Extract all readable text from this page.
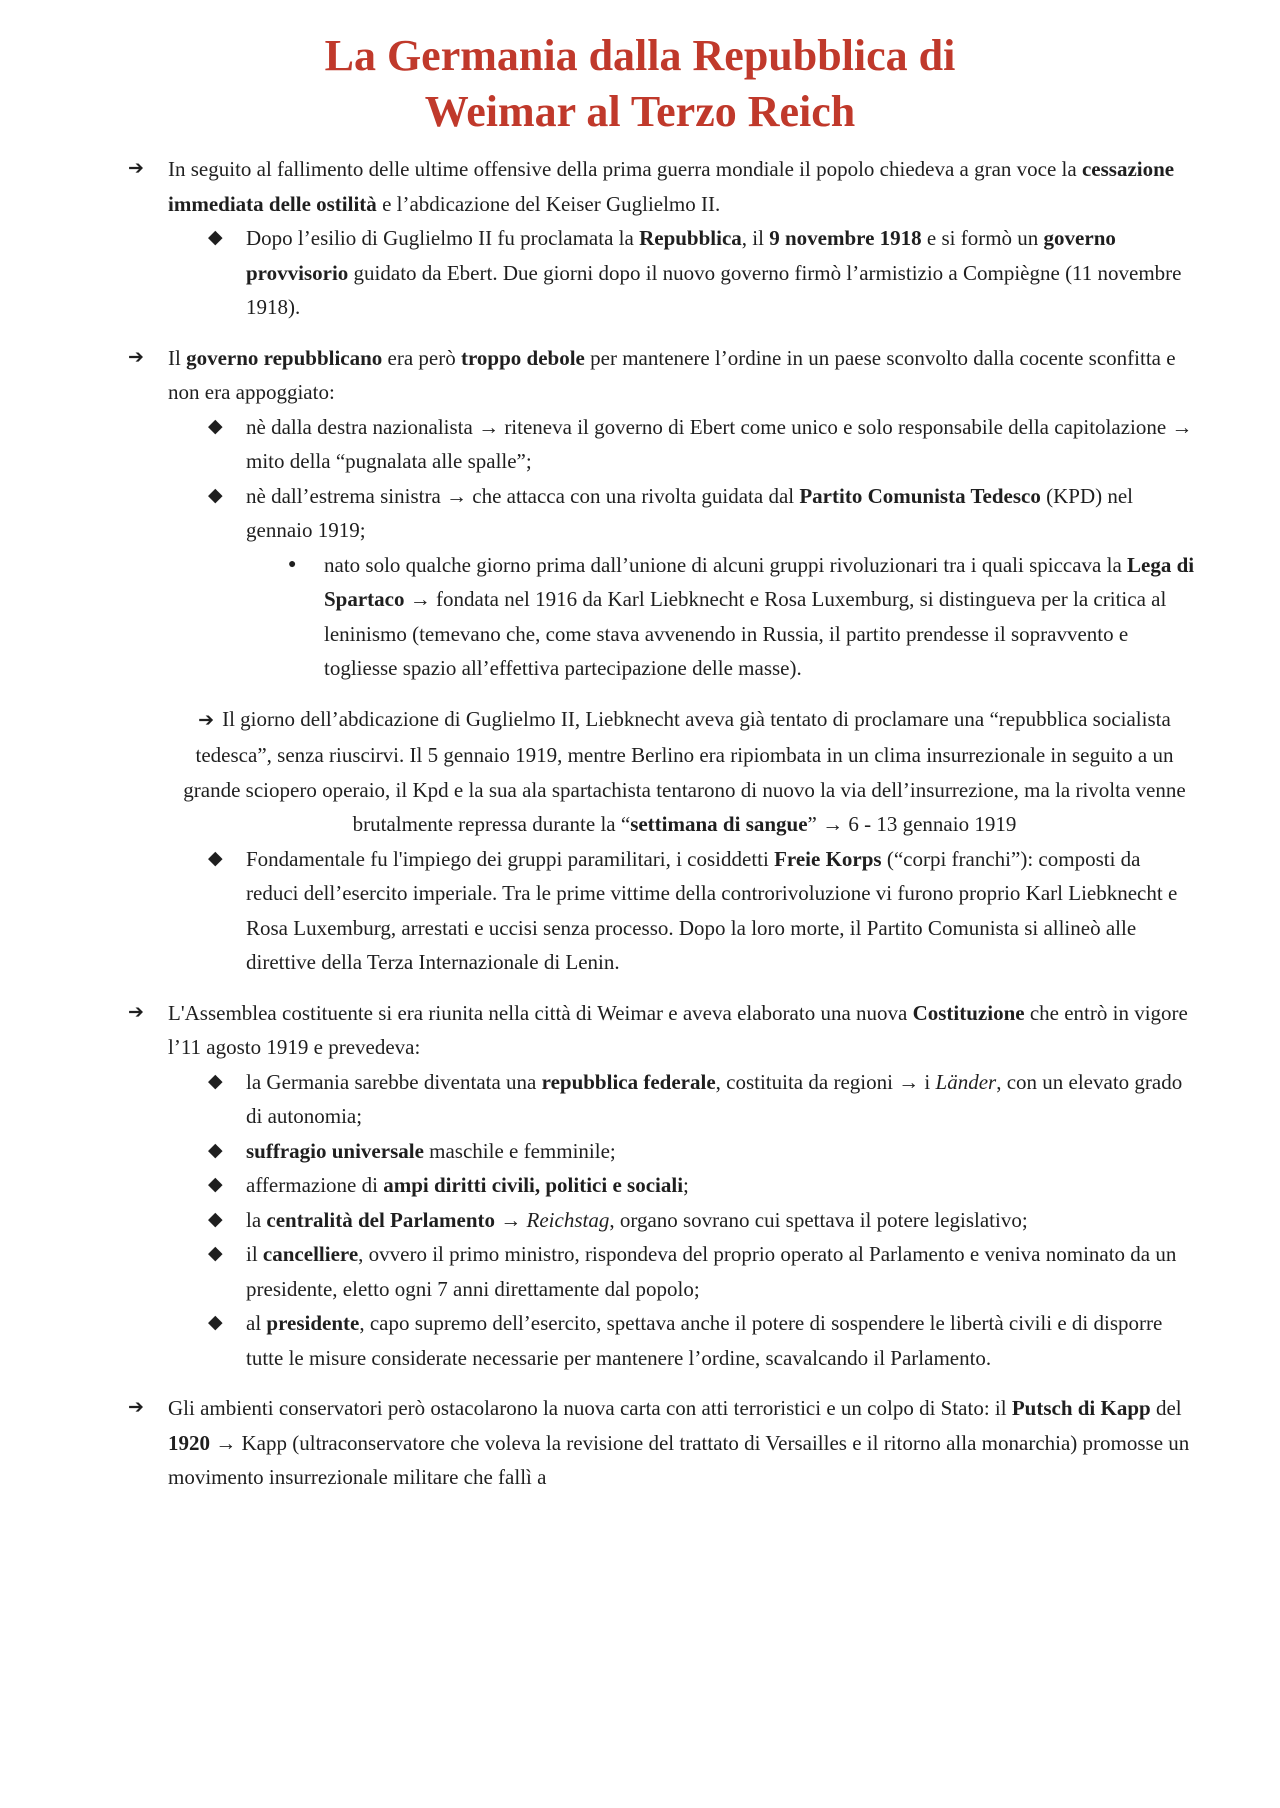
La Germania dalla Repubblica di
Weimar al Terzo Reich
➔ In seguito al fallimento delle ultime offensive della prima guerra mondiale il popolo chiedeva a gran voce la cessazione immediata delle ostilità e l’abdicazione del Keiser Guglielmo II.
◆ Dopo l’esilio di Guglielmo II fu proclamata la Repubblica, il 9 novembre 1918 e si formò un governo provvisorio guidato da Ebert. Due giorni dopo il nuovo governo firmò l’armistizio a Compiègne (11 novembre 1918).
➔ Il governo repubblicano era però troppo debole per mantenere l’ordine in un paese sconvolto dalla cocente sconfitta e non era appoggiato:
◆ nè dalla destra nazionalista → riteneva il governo di Ebert come unico e solo responsabile della capitolazione → mito della “pugnalata alle spalle”;
◆ nè dall’estrema sinistra → che attacca con una rivolta guidata dal Partito Comunista Tedesco (KPD) nel gennaio 1919;
● nato solo qualche giorno prima dall’unione di alcuni gruppi rivoluzionari tra i quali spiccava la Lega di Spartaco → fondata nel 1916 da Karl Liebknecht e Rosa Luxemburg, si distingueva per la critica al leninismo (temevano che, come stava avvenendo in Russia, il partito prendesse il sopravvento e togliesse spazio all’effettiva partecipazione delle masse).
➔ Il giorno dell’abdicazione di Guglielmo II, Liebknecht aveva già tentato di proclamare una “repubblica socialista tedesca”, senza riuscirvi. Il 5 gennaio 1919, mentre Berlino era ripiombata in un clima insurrezionale in seguito a un grande sciopero operaio, il Kpd e la sua ala spartachista tentarono di nuovo la via dell’insurrezione, ma la rivolta venne brutalmente repressa durante la “settimana di sangue” → 6 - 13 gennaio 1919
◆ Fondamentale fu l'impiego dei gruppi paramilitari, i cosiddetti Freie Korps (“corpi franchi”): composti da reduci dell’esercito imperiale. Tra le prime vittime della controrivoluzione vi furono proprio Karl Liebknecht e Rosa Luxemburg, arrestati e uccisi senza processo. Dopo la loro morte, il Partito Comunista si allineò alle direttive della Terza Internazionale di Lenin.
➔ L'Assemblea costituente si era riunita nella città di Weimar e aveva elaborato una nuova Costituzione che entrò in vigore l’11 agosto 1919 e prevedeva:
◆ la Germania sarebbe diventata una repubblica federale, costituita da regioni → i Länder, con un elevato grado di autonomia;
◆ suffragio universale maschile e femminile;
◆ affermazione di ampi diritti civili, politici e sociali;
◆ la centralità del Parlamento → Reichstag, organo sovrano cui spettava il potere legislativo;
◆ il cancelliere, ovvero il primo ministro, rispondeva del proprio operato al Parlamento e veniva nominato da un presidente, eletto ogni 7 anni direttamente dal popolo;
◆ al presidente, capo supremo dell’esercito, spettava anche il potere di sospendere le libertà civili e di disporre tutte le misure considerate necessarie per mantenere l’ordine, scavalcando il Parlamento.
➔ Gli ambienti conservatori però ostacolarono la nuova carta con atti terroristici e un colpo di Stato: il Putsch di Kapp del 1920 → Kapp (ultraconservatore che voleva la revisione del trattato di Versailles e il ritorno alla monarchia) promosse un movimento insurrezionale militare che fallì a
